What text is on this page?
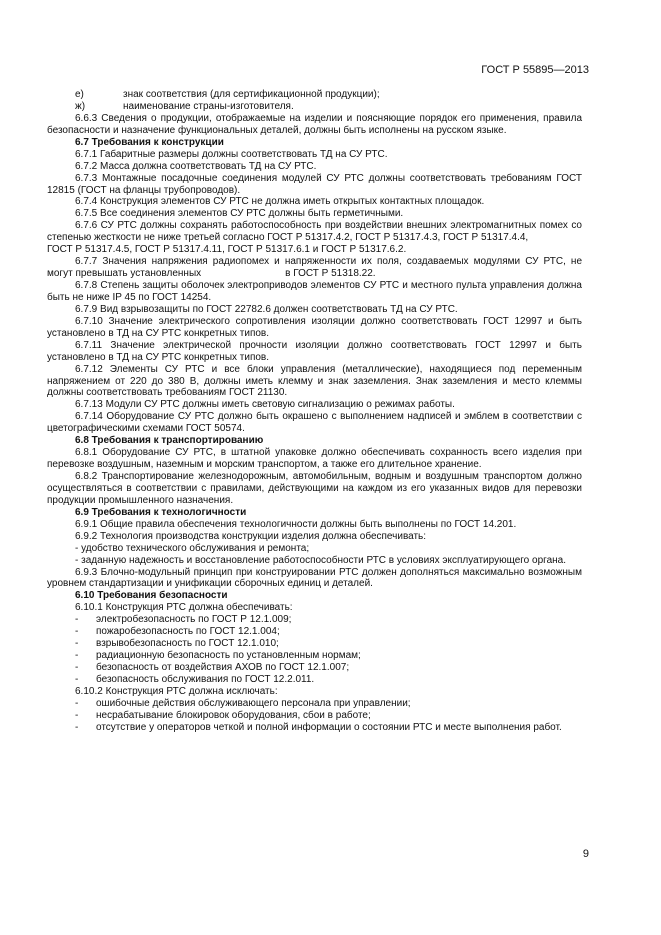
ГОСТ Р 55895—2013
е)	знак соответствия (для сертификационной продукции);
ж)	наименование страны-изготовителя.

6.6.3 Сведения о продукции, отображаемые на изделии и поясняющие порядок его применения, правила безопасности и назначение функциональных деталей, должны быть исполнены на русском языке.

6.7 Требования к конструкции

6.7.1 Габаритные размеры должны соответствовать ТД на СУ РТС.

6.7.2 Масса должна соответствовать ТД на СУ РТС.

6.7.3 Монтажные посадочные соединения модулей СУ РТС должны соответствовать требованиям ГОСТ 12815 (ГОСТ на фланцы трубопроводов).

6.7.4 Конструкция элементов СУ РТС не должна иметь открытых контактных площадок.

6.7.5 Все соединения элементов СУ РТС должны быть герметичными.

6.7.6 СУ РТС должны сохранять работоспособность при воздействии внешних электромагнитных помех со степенью жесткости не ниже третьей согласно ГОСТ Р 51317.4.2, ГОСТ Р 51317.4.3, ГОСТ Р 51317.4.4,

ГОСТ Р 51317.4.5, ГОСТ Р 51317.4.11, ГОСТ Р 51317.6.1 и ГОСТ Р 51317.6.2.

6.7.7 Значения напряжения радиопомех и напряженности их поля, создаваемых модулями СУ РТС, не могут превышать установленных	в ГОСТ Р 51318.22.

6.7.8 Степень защиты оболочек электроприводов элементов СУ РТС и местного пульта управления должна быть не ниже IP 45 по ГОСТ 14254.

6.7.9 Вид взрывозащиты по ГОСТ 22782.6 должен соответствовать ТД на СУ РТС.

6.7.10 Значение электрического сопротивления изоляции должно соответствовать ГОСТ 12997 и быть установлено в ТД на СУ РТС конкретных типов.

6.7.11 Значение электрической прочности изоляции должно соответствовать ГОСТ 12997 и быть установлено в ТД на СУ РТС конкретных типов.

6.7.12 Элементы СУ РТС и все блоки управления (металлические), находящиеся под переменным напряжением от 220 до 380 В, должны иметь клемму и знак заземления. Знак заземления и место клеммы должны соответствовать требованиям ГОСТ 21130.

6.7.13 Модули СУ РТС должны иметь световую сигнализацию о режимах работы.

6.7.14 Оборудование СУ РТС должно быть окрашено с выполнением надписей и эмблем в соответствии с цветографическими схемами ГОСТ 50574.

6.8 Требования к транспортированию

6.8.1 Оборудование СУ РТС, в штатной упаковке должно обеспечивать сохранность всего изделия при перевозке воздушным, наземным и морским транспортом, а также его длительное хранение.

6.8.2 Транспортирование железнодорожным, автомобильным, водным и воздушным транспортом должно осуществляться в соответствии с правилами, действующими на каждом из его указанных видов для перевозки продукции промышленного назначения.

6.9 Требования к технологичности

6.9.1 Общие правила обеспечения технологичности должны быть выполнены по ГОСТ 14.201.

6.9.2 Технология производства конструкции изделия должна обеспечивать:

- удобство технического обслуживания и ремонта;

- заданную надежность и восстановление работоспособности РТС в условиях эксплуатирующего органа.

6.9.3 Блочно-модульный принцип при конструировании РТС должен дополняться максимально возможным уровнем стандартизации и унификации сборочных единиц и деталей.

6.10 Требования безопасности

6.10.1 Конструкция РТС должна обеспечивать:

- электробезопасность по ГОСТ Р 12.1.009;
- пожаробезопасность по ГОСТ 12.1.004;
- взрывобезопасность по ГОСТ 12.1.010;
- радиационную безопасность по установленным нормам;
- безопасность от воздействия АХОВ по ГОСТ 12.1.007;
- безопасность обслуживания по ГОСТ 12.2.011.

6.10.2 Конструкция РТС должна исключать:

- ошибочные действия обслуживающего персонала при управлении;
- несрабатывание блокировок оборудования, сбои в работе;

- отсутствие у операторов четкой и полной информации о состоянии РТС и месте выполнения работ.

9
